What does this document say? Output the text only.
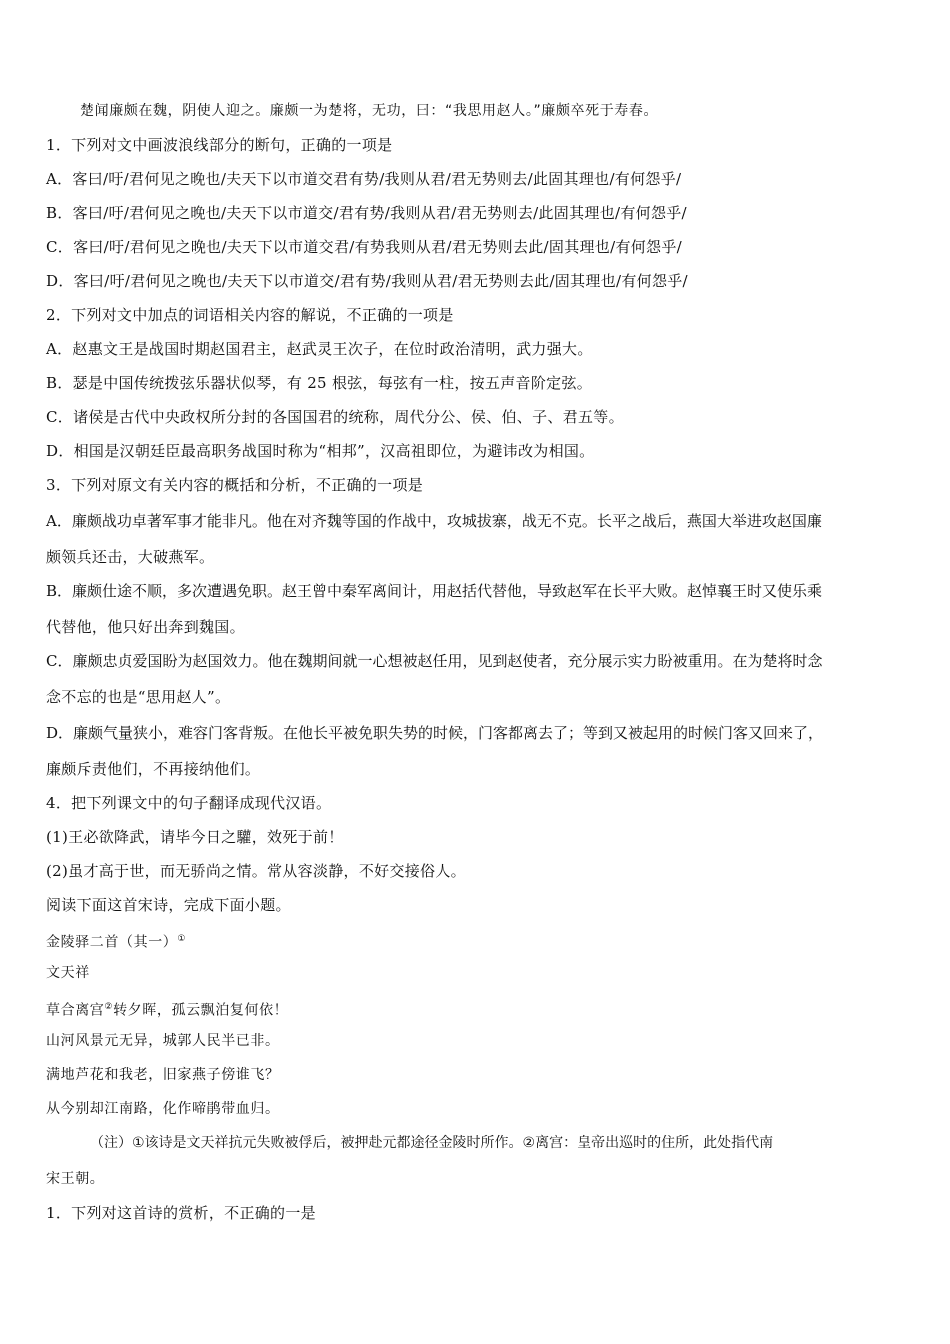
楚闻廉颇在魏，阴使人迎之。廉颇一为楚将，无功，曰：“我思用赵人。”廉颇卒死于寿春。
1．下列对文中画波浪线部分的断句，正确的一项是
A．客曰/吁/君何见之晚也/夫天下以市道交君有势/我则从君/君无势则去/此固其理也/有何怨乎/
B．客曰/吁/君何见之晚也/夫天下以市道交/君有势/我则从君/君无势则去/此固其理也/有何怨乎/
C．客曰/吁/君何见之晚也/夫天下以市道交君/有势我则从君/君无势则去此/固其理也/有何怨乎/
D．客曰/吁/君何见之晚也/夫天下以市道交/君有势/我则从君/君无势则去此/固其理也/有何怨乎/
2．下列对文中加点的词语相关内容的解说，不正确的一项是
A．赵惠文王是战国时期赵国君主，赵武灵王次子，在位时政治清明，武力强大。
B．瑟是中国传统拨弦乐器状似琴，有 25 根弦，每弦有一柱，按五声音阶定弦。
C．诸侯是古代中央政权所分封的各国国君的统称，周代分公、侯、伯、子、君五等。
D．相国是汉朝廷臣最高职务战国时称为“相邦”，汉高祖即位，为避讳改为相国。
3．下列对原文有关内容的概括和分析，不正确的一项是
A．廉颇战功卓著军事才能非凡。他在对齐魏等国的作战中，攻城拔寨，战无不克。长平之战后，燕国大举进攻赵国廉
颇领兵还击，大破燕军。
B．廉颇仕途不顺，多次遭遇免职。赵王曾中秦军离间计，用赵括代替他，导致赵军在长平大败。赵悼襄王时又使乐乘
代替他，他只好出奔到魏国。
C．廉颇忠贞爱国盼为赵国效力。他在魏期间就一心想被赵任用，见到赵使者，充分展示实力盼被重用。在为楚将时念
念不忘的也是“思用赵人”。
D．廉颇气量狭小，难容门客背叛。在他长平被免职失势的时候，门客都离去了；等到又被起用的时候门客又回来了，
廉颇斥责他们，不再接纳他们。
4．把下列课文中的句子翻译成现代汉语。
(1)王必欲降武，请毕今日之驩，效死于前！
(2)虽才高于世，而无骄尚之情。常从容淡静，不好交接俗人。
阅读下面这首宋诗，完成下面小题。
金陵驿二首（其一）①
文天祥
草合离宫②转夕晖，孤云飘泊复何依！
山河风景元无异，城郭人民半已非。
满地芦花和我老，旧家燕子傍谁飞？
从今别却江南路，化作啼鹃带血归。
（注）①该诗是文天祥抗元失败被俘后，被押赴元都途径金陵时所作。②离宫：皇帝出巡时的住所，此处指代南
宋王朝。
1．下列对这首诗的赏析，不正确的一是
